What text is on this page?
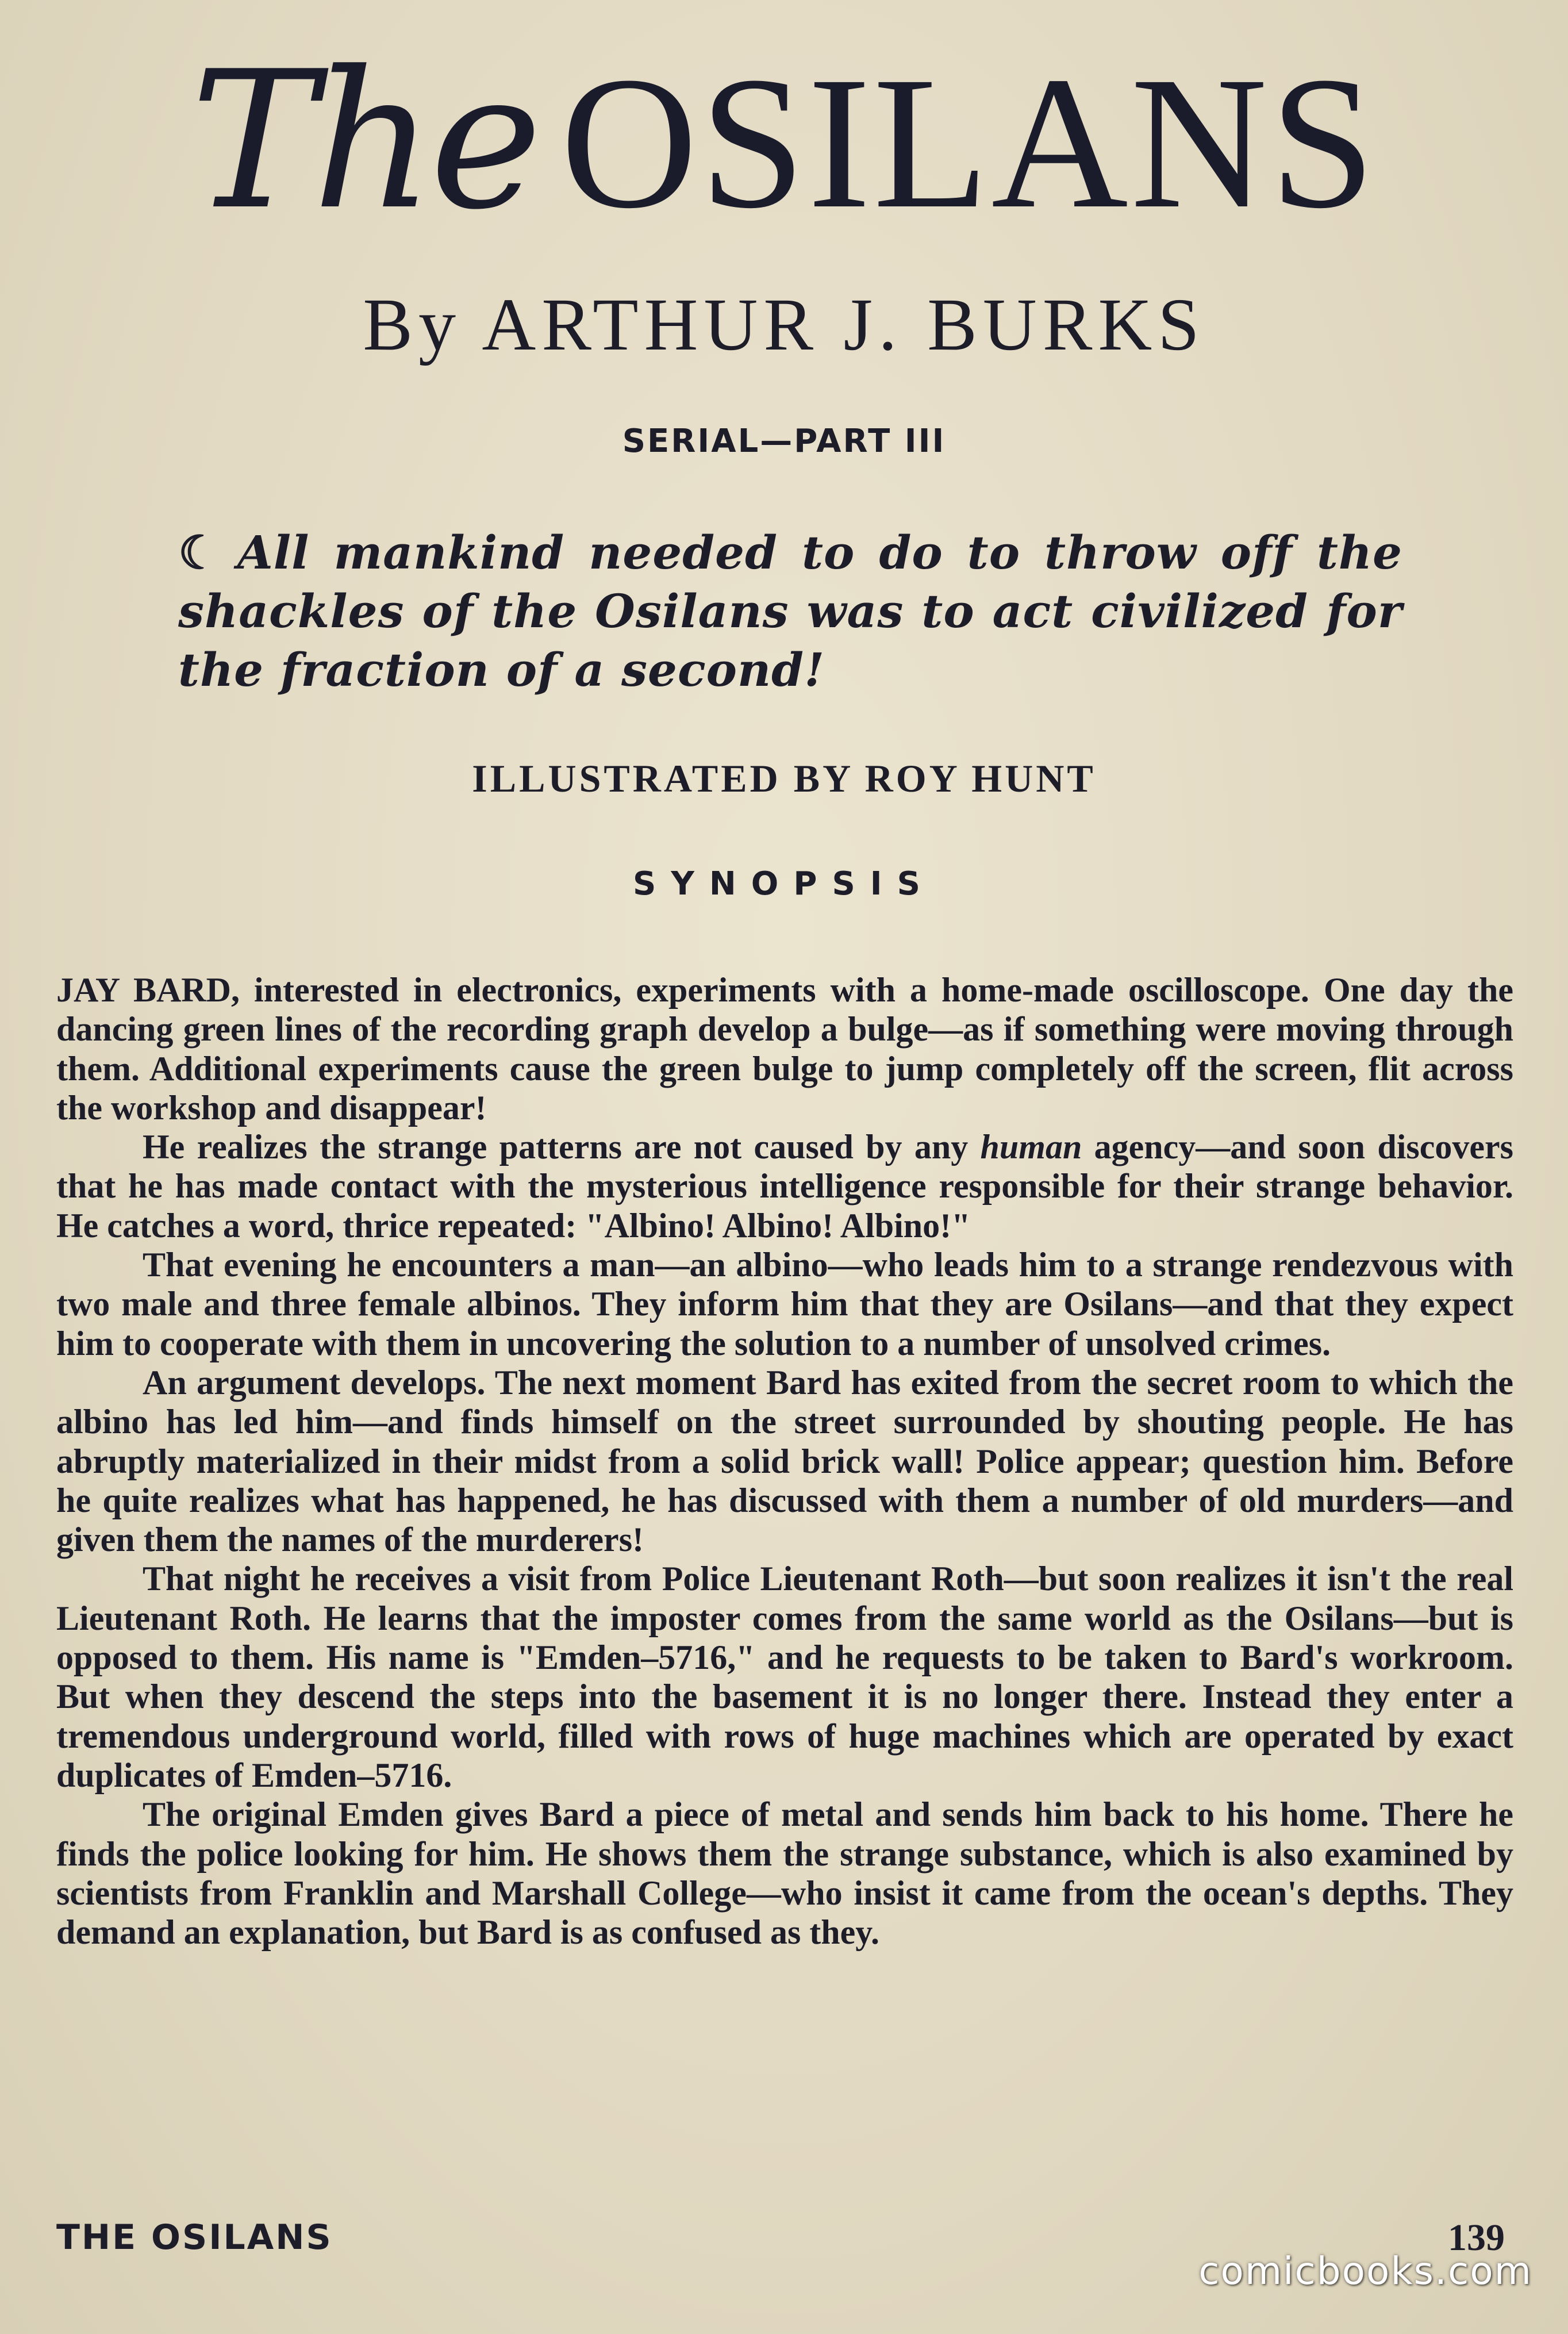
The OSILANS
By ARTHUR J. BURKS
SERIAL—PART III
☾ All mankind needed to do to throw off the shackles of the Osilans was to act civilized for the fraction of a second!
ILLUSTRATED BY ROY HUNT
SYNOPSIS

JAY BARD, interested in electronics, experiments with a home-made oscilloscope. One day the dancing green lines of the recording graph develop a bulge—as if something were moving through them. Additional experiments cause the green bulge to jump completely off the screen, flit across the workshop and disappear!

He realizes the strange patterns are not caused by any human agency—and soon discovers that he has made contact with the mysterious intelligence responsible for their strange behavior. He catches a word, thrice repeated: "Albino! Albino! Albino!"

That evening he encounters a man—an albino—who leads him to a strange rendezvous with two male and three female albinos. They inform him that they are Osilans—and that they expect him to cooperate with them in uncovering the solution to a number of unsolved crimes.

An argument develops. The next moment Bard has exited from the secret room to which the albino has led him—and finds himself on the street surrounded by shouting people. He has abruptly materialized in their midst from a solid brick wall! Police appear; question him. Before he quite realizes what has happened, he has discussed with them a number of old murders—and given them the names of the murderers!

That night he receives a visit from Police Lieutenant Roth—but soon realizes it isn't the real Lieutenant Roth. He learns that the imposter comes from the same world as the Osilans—but is opposed to them. His name is "Emden–5716," and he requests to be taken to Bard's workroom. But when they descend the steps into the basement it is no longer there. Instead they enter a tremendous underground world, filled with rows of huge machines which are operated by exact duplicates of Emden–5716.

The original Emden gives Bard a piece of metal and sends him back to his home. There he finds the police looking for him. He shows them the strange substance, which is also examined by scientists from Franklin and Marshall College—who insist it came from the ocean's depths. They demand an explanation, but Bard is as confused as they.

THE OSILANS	139
comicbooks.com
